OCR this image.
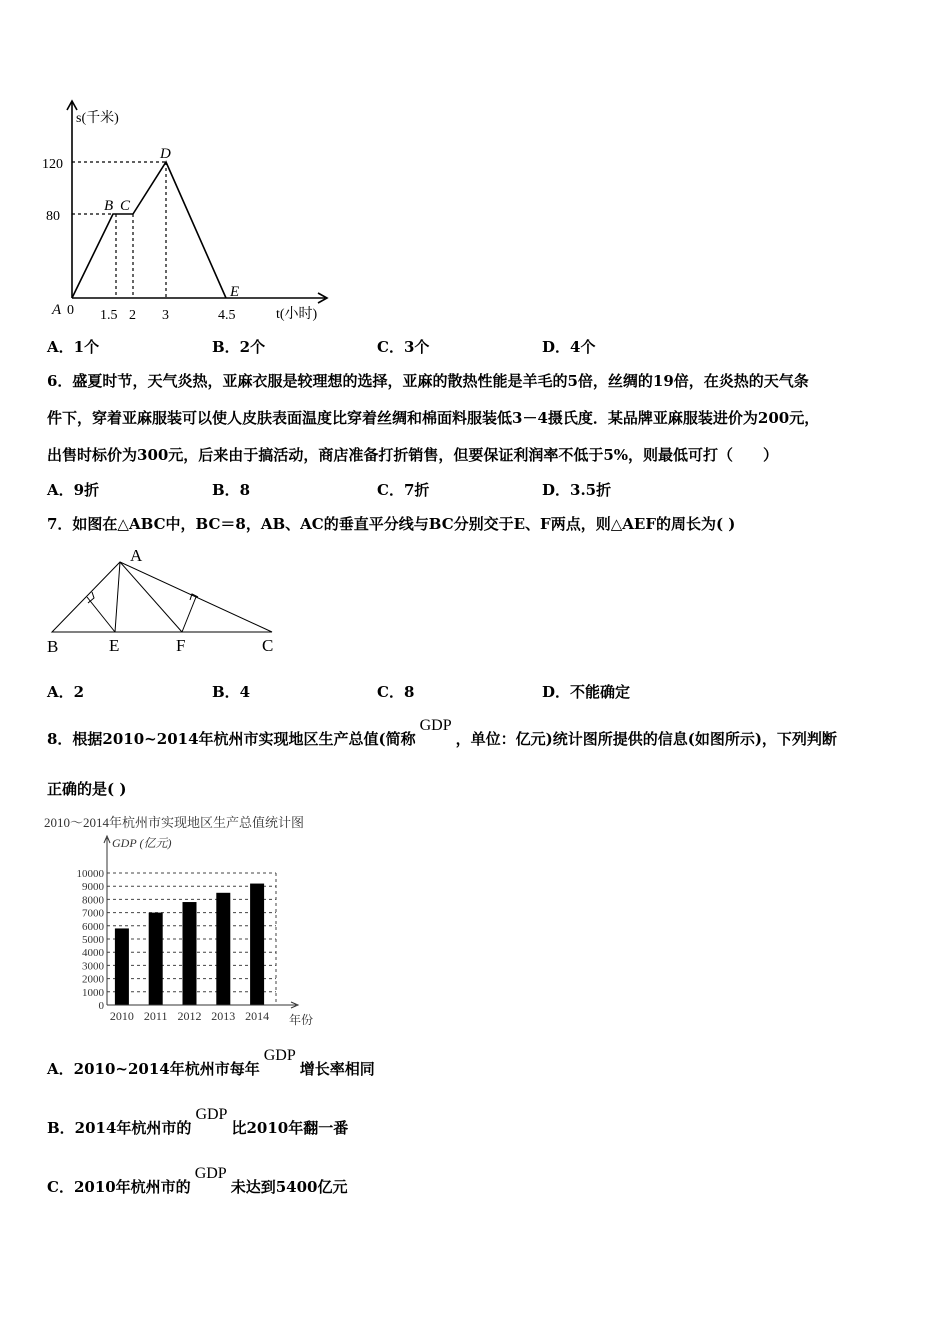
s(千米)
t(小时)
80
120
0 1.5 2 3	4.5
A
B C
D
E
A．1个	B．2个	C．3个	D．4个
6．盛夏时节，天气炎热，亚麻衣服是较理想的选择，亚麻的散热性能是羊毛的5倍，丝绸的19倍，在炎热的天气条
件下，穿着亚麻服装可以使人皮肤表面温度比穿着丝绸和棉面料服装低3－4摄氏度．某品牌亚麻服装进价为200元，
出售时标价为300元，后来由于搞活动，商店准备打折销售，但要保证利润率不低于5%，则最低可打（　　）
A．9折	B．8	C．7折	D．3.5折
7．如图在△ABC中，BC＝8，AB、AC的垂直平分线与BC分别交于E、F两点，则△AEF的周长为( )
A
B	E	F	C
A．2	B．4	C．8	D．不能确定
8．根据2010~2014年杭州市实现地区生产总值(简称GDP，单位：亿元)统计图所提供的信息(如图所示)，下列判断
正确的是( )
2010～2014年杭州市实现地区生产总值统计图
GDP (亿元)
年份
0
1000
2000
3000
4000
5000
6000
7000
8000
9000
10000
2010 2011 2012 2013 2014
A．2010~2014年杭州市每年GDP增长率相同
B．2014年杭州市的GDP比2010年翻一番
C．2010年杭州市的GDP未达到5400亿元
